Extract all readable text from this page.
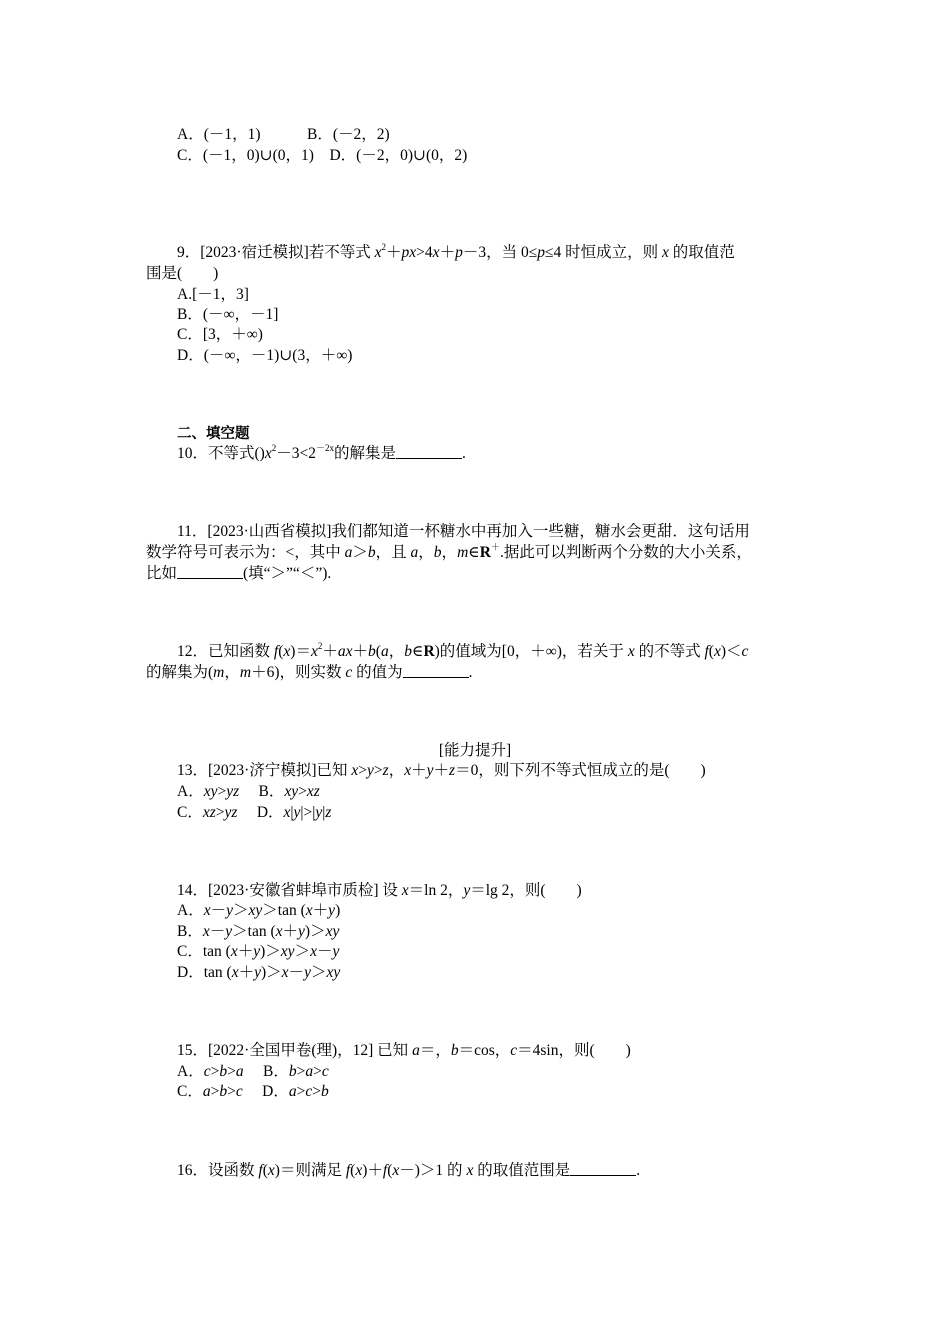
A．(－1，1)　　　B．(－2，2)
C．(－1，0)∪(0，1)　D．(－2，0)∪(0，2)
9．[2023·宿迁模拟]若不等式 $x^2+px>4x+p-3$，当 0≤p≤4 时恒成立，则 x 的取值范
围是(　　)
A.[－1，3]
B．(－∞，－1]
C．[3，＋∞)
D．(－∞，－1)∪(3，＋∞)
二、填空题
10．不等式$()x^2-3<2^{-2x}$的解集是	.
11．[2023·山西省模拟]我们都知道一杯糖水中再加入一些糖，糖水会更甜．这句话用
数学符号可表示为：<，其中 a＞b，且 a，b，m∈R＋.据此可以判断两个分数的大小关系，
比如	(填“＞”“＜”).
12．已知函数 $f(x)=x^2+ax+b(a$，b∈R)的值域为[0，＋∞)，若关于 x 的不等式 f(x)＜c
的解集为(m，m＋6)，则实数 c 的值为	.
[能力提升]
13．[2023·济宁模拟]已知 x>y>z，x＋y＋z＝0，则下列不等式恒成立的是(　　)
A．xy>yz　 B．xy>xz
C．xz>yz　 D．x|y|>|y|z
14．[2023·安徽省蚌埠市质检] 设 x＝ln 2，y＝lg 2，则(　　)
A．x－y＞xy＞tan (x＋y)
B．x－y＞tan (x＋y)＞xy
C．tan (x＋y)＞xy＞x－y
D．tan (x＋y)＞x－y＞xy
15．[2022·全国甲卷(理)，12] 已知 a＝，b＝cos，c＝4sin，则(　　)
A．c>b>a　 B．b>a>c
C．a>b>c　 D．a>c>b
16．设函数 f(x)＝则满足 f(x)＋f(x－)＞1 的 x 的取值范围是	.
